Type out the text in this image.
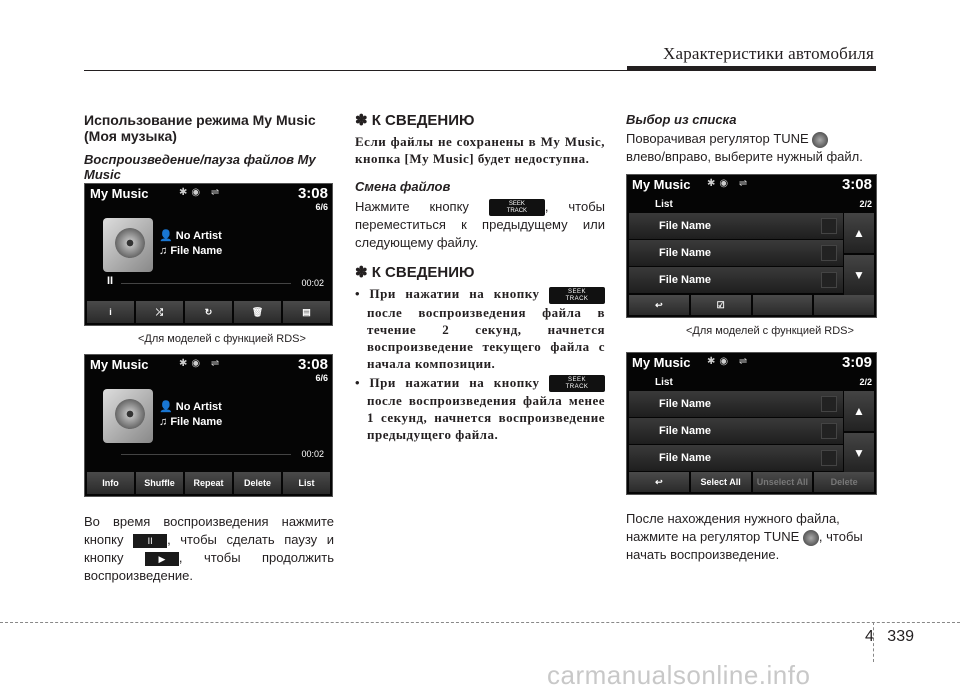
Характеристики автомобиля
Использование режима My Music (Моя музыка)
Воспроизведение/пауза файлов My Music
My Music	✱◉ ⇌	3:08
6/6
👤 No Artist
♫ File Name
II	00:02
i	⤮	↻	🗑	▤
<Для моделей с функцией RDS>
My Music	✱◉ ⇌	3:08
6/6
👤 No Artist
♫ File Name
00:02
Info	Shuffle	Repeat	Delete	List
Во время воспроизведения нажмите кнопку	II , чтобы сделать паузу и кнопку	▶ , чтобы продолжить воспроизведение.
✽ К СВЕДЕНИЮ
Если файлы не сохранены в My Music, кнопка [My Music] будет недоступна.
Смена файлов
Нажмите кнопку	SEEK
TRACK , чтобы переместиться к предыдущему или следующему файлу.
✽ К СВЕДЕНИЮ
• При нажатии на кнопку	SEEK
TRACK после воспроизведения файла в течение 2 секунд, начнется воспроизведение текущего файла с начала композиции.
• При нажатии на кнопку	SEEK
TRACK после воспроизведения файла менее 1 секунд, начнется воспроизведение предыдущего файла.
Выбор из списка
Поворачивая регулятор TUNE
влево/вправо, выберите нужный файл.
My Music ✱◉ ⇌	3:08
List	2/2
File Name
File Name
File Name
▲
▼
↩	☑
<Для моделей с функцией RDS>
My Music ✱◉ ⇌	3:09
List	2/2
File Name
File Name
File Name
▲
▼
↩	Select All	Unselect All	Delete
После нахождения нужного файла, нажмите на регулятор TUNE , чтобы начать воспроизведение.
4 339
carmanualsonline.info
